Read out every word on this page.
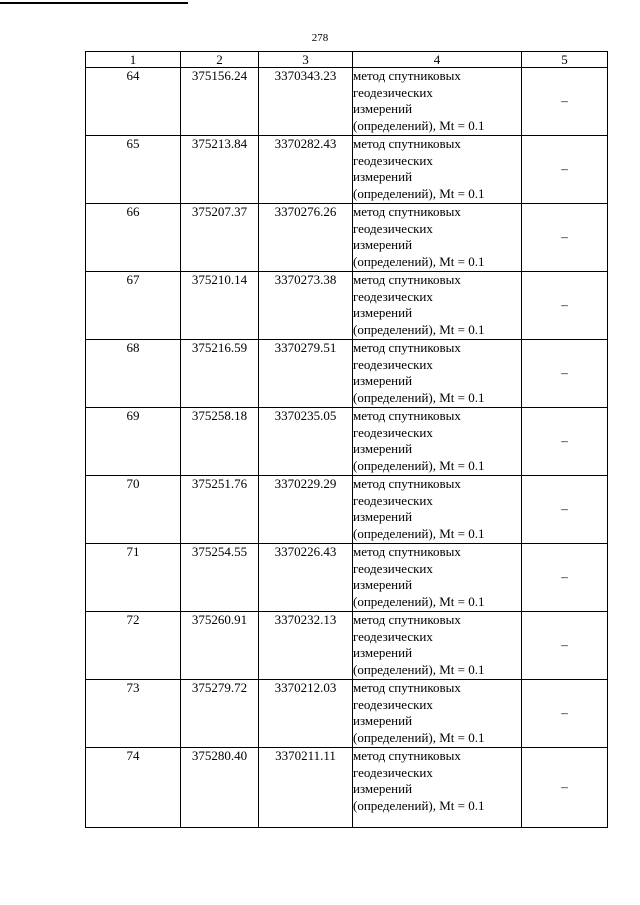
278
1	2	3	4	5
64	375156.24	3370343.23	метод спутниковых
геодезических
измерений
(определений), Mt = 0.1	–
65	375213.84	3370282.43	метод спутниковых
геодезических
измерений
(определений), Mt = 0.1	–
66	375207.37	3370276.26	метод спутниковых
геодезических
измерений
(определений), Mt = 0.1	–
67	375210.14	3370273.38	метод спутниковых
геодезических
измерений
(определений), Mt = 0.1	–
68	375216.59	3370279.51	метод спутниковых
геодезических
измерений
(определений), Mt = 0.1	–
69	375258.18	3370235.05	метод спутниковых
геодезических
измерений
(определений), Mt = 0.1	–
70	375251.76	3370229.29	метод спутниковых
геодезических
измерений
(определений), Mt = 0.1	–
71	375254.55	3370226.43	метод спутниковых
геодезических
измерений
(определений), Mt = 0.1	–
72	375260.91	3370232.13	метод спутниковых
геодезических
измерений
(определений), Mt = 0.1	–
73	375279.72	3370212.03	метод спутниковых
геодезических
измерений
(определений), Mt = 0.1	–
74	375280.40	3370211.11	метод спутниковых
геодезических
измерений
(определений), Mt = 0.1	–
